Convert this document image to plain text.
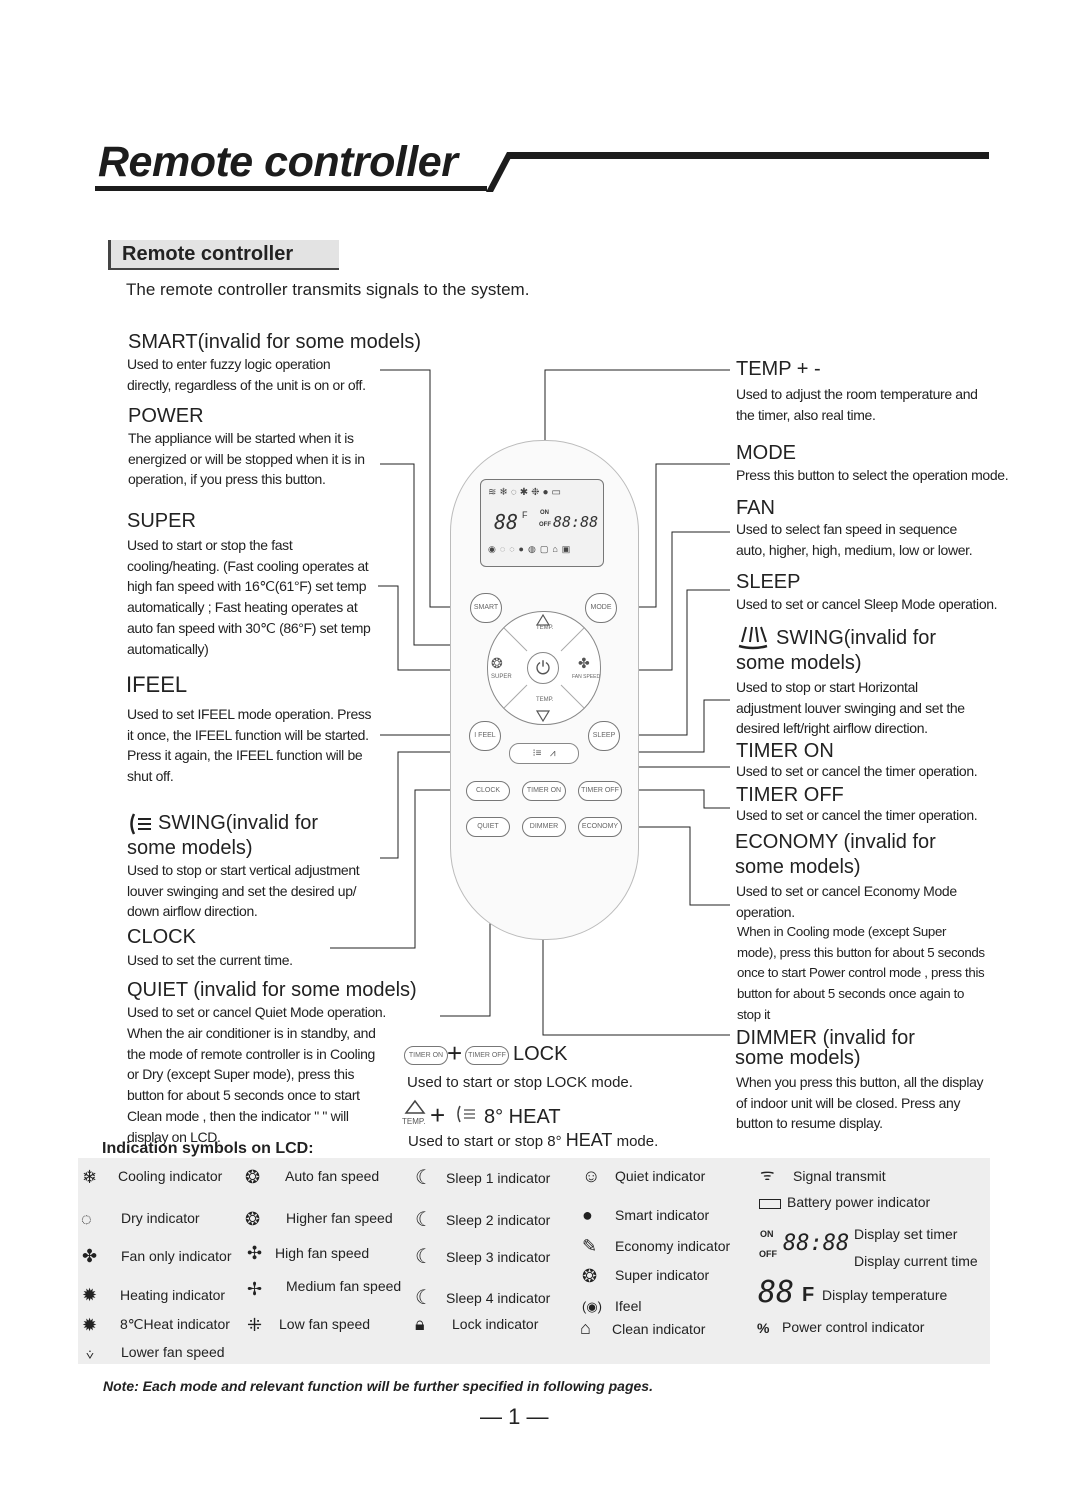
Remote controller
Remote controller
The remote controller transmits signals to the system.
SMART(invalid for some models)
Used to enter fuzzy logic operation directly, regardless of the unit is on or off.
POWER
The appliance will be started when it is energized or will be stopped when it is in operation, if you press this button.
SUPER
Used to start or stop the fast cooling/heating. (Fast cooling operates at high fan speed with 16℃(61°F) set temp automatically ; Fast heating operates at auto fan speed with 30℃ (86°F) set temp automatically)
IFEEL
Used to set IFEEL mode operation. Press it once, the IFEEL function will be started. Press it again, the IFEEL function will be shut off.
SWING(invalid for
some models)
Used to stop or start vertical adjustment louver swinging and set the desired up/ down airflow direction.
CLOCK
Used to set the current time.
QUIET (invalid for some models)
Used to set or cancel Quiet Mode operation.
When the air conditioner is in standby, and the mode of remote controller is in Cooling or Dry (except Super mode), press this button for about 5 seconds once to start Clean mode , then the indicator " " will display on LCD.
TEMP + -
Used to adjust the room temperature and the timer, also real time.
MODE
Press this button to select the operation mode.
FAN
Used to select fan speed in sequence auto, higher, high, medium, low or lower.
SLEEP
Used to set or cancel Sleep Mode operation.
SWING(invalid for
some models)
Used to stop or start Horizontal adjustment louver swinging and set the desired left/right airflow direction.
TIMER ON
Used to set or cancel the timer operation.
TIMER OFF
Used to set or cancel the timer operation.
ECONOMY (invalid for
some models)
Used to set or cancel Economy Mode operation.
When in Cooling mode (except Super mode), press this button for about 5 seconds once to start Power control mode , press this button for about 5 seconds once again to stop it
DIMMER (invalid for
some models)
When you press this button, all the display of indoor unit will be closed. Press any button to resume display.
≋❄◌✱❉●▭
88 F ON
OFF 88:88
◉◌◌●◍▢⌂▣
SMART	MODE
TEMP.
TEMP.
⏻
❂
SUPER
✤
FAN SPEED
I FEEL	SLEEP
⁝≡   ⩘
CLOCK	TIMER ON	TIMER OFF
QUIET	DIMMER	ECONOMY
TIMER ON + TIMER OFF LOCK
Used to start or stop LOCK mode.
TEMP. + 8° HEAT
Used to start or stop 8° HEAT mode.
Indication symbols on LCD:
❄ Cooling indicator
◌ Dry indicator
✤ Fan only indicator
✹ Heating indicator
✹ 8℃Heat indicator
⩒ Lower fan speed
❂ Auto fan speed
❂ Higher fan speed
✣ High fan speed
✢ Medium fan speed
⁜ Low fan speed
☾ Sleep 1 indicator
☾ Sleep 2 indicator
☾ Sleep 3 indicator
☾ Sleep 4 indicator
🔒︎ Lock indicator
☺ Quiet indicator
● Smart indicator
✎ Economy indicator
❂ Super indicator
(◉) Ifeel
⌂ Clean indicator
ᯤ Signal transmit
Battery power indicator
ON
OFF 88:88 Display set timer
Display current time
88 F Display temperature
% Power control indicator
Note: Each mode and relevant function will be further specified in following pages.
— 1 —
